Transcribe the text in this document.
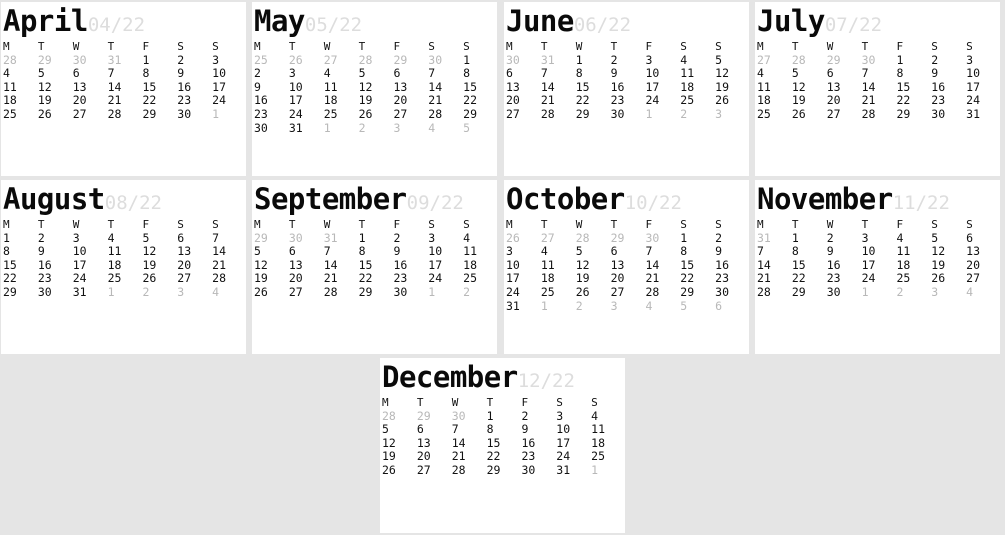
April04/22
M	T	W	T	F	S	S
28	29	30	31	1	2	3
4	5	6	7	8	9	10
11	12	13	14	15	16	17
18	19	20	21	22	23	24
25	26	27	28	29	30	1
May05/22
M	T	W	T	F	S	S
25	26	27	28	29	30	1
2	3	4	5	6	7	8
9	10	11	12	13	14	15
16	17	18	19	20	21	22
23	24	25	26	27	28	29
30	31	1	2	3	4	5
June06/22
M	T	W	T	F	S	S
30	31	1	2	3	4	5
6	7	8	9	10	11	12
13	14	15	16	17	18	19
20	21	22	23	24	25	26
27	28	29	30	1	2	3
July07/22
M	T	W	T	F	S	S
27	28	29	30	1	2	3
4	5	6	7	8	9	10
11	12	13	14	15	16	17
18	19	20	21	22	23	24
25	26	27	28	29	30	31
August08/22
M	T	W	T	F	S	S
1	2	3	4	5	6	7
8	9	10	11	12	13	14
15	16	17	18	19	20	21
22	23	24	25	26	27	28
29	30	31	1	2	3	4
September09/22
M	T	W	T	F	S	S
29	30	31	1	2	3	4
5	6	7	8	9	10	11
12	13	14	15	16	17	18
19	20	21	22	23	24	25
26	27	28	29	30	1	2
October10/22
M	T	W	T	F	S	S
26	27	28	29	30	1	2
3	4	5	6	7	8	9
10	11	12	13	14	15	16
17	18	19	20	21	22	23
24	25	26	27	28	29	30
31	1	2	3	4	5	6
November11/22
M	T	W	T	F	S	S
31	1	2	3	4	5	6
7	8	9	10	11	12	13
14	15	16	17	18	19	20
21	22	23	24	25	26	27
28	29	30	1	2	3	4
December12/22
M	T	W	T	F	S	S
28	29	30	1	2	3	4
5	6	7	8	9	10	11
12	13	14	15	16	17	18
19	20	21	22	23	24	25
26	27	28	29	30	31	1
